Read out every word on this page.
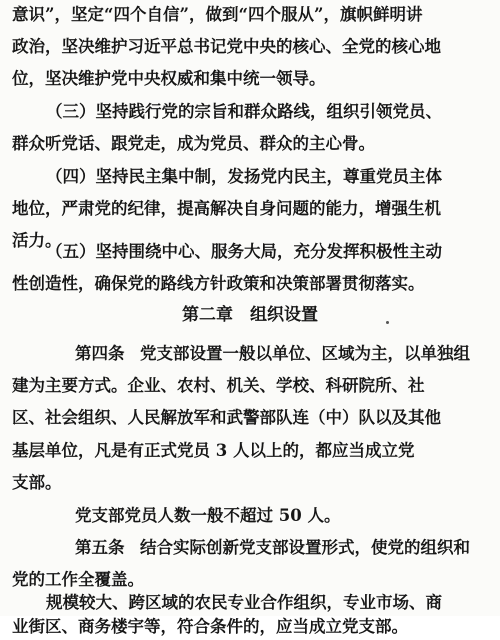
意识”，坚定“四个自信”，做到“四个服从”，旗帜鲜明讲
政治，坚决维护习近平总书记党中央的核心、全党的核心地
位，坚决维护党中央权威和集中统一领导。
（三）坚持践行党的宗旨和群众路线，组织引领党员、
群众听党话、跟党走，成为党员、群众的主心骨。
（四）坚持民主集中制，发扬党内民主，尊重党员主体
地位，严肃党的纪律，提高解决自身问题的能力，增强生机
活力。
（五）坚持围绕中心、服务大局，充分发挥积极性主动
性创造性，确保党的路线方针政策和决策部署贯彻落实。
第二章　组织设置
第四条 党支部设置一般以单位、区域为主，以单独组
建为主要方式。企业、农村、机关、学校、科研院所、社
区、社会组织、人民解放军和武警部队连（中）队以及其他
基层单位，凡是有正式党员 3 人以上的，都应当成立党
支部。
党支部党员人数一般不超过 50 人。
第五条 结合实际创新党支部设置形式，使党的组织和
党的工作全覆盖。
规模较大、跨区域的农民专业合作组织，专业市场、商
业街区、商务楼宇等，符合条件的，应当成立党支部。
